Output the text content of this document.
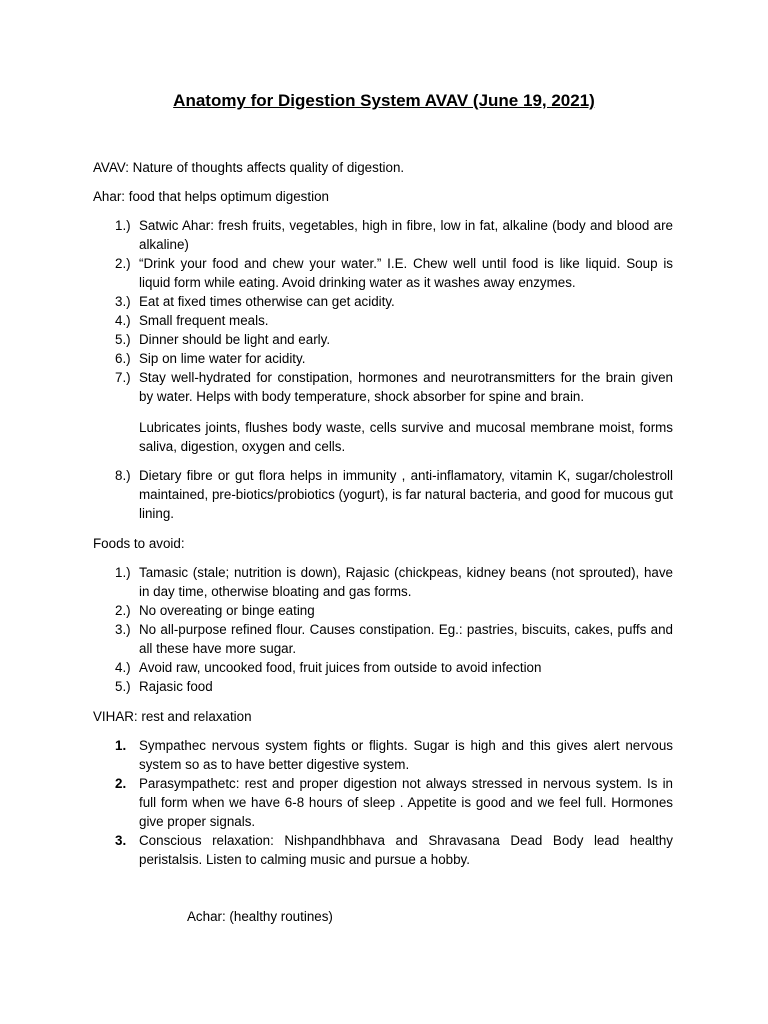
Anatomy for Digestion System AVAV (June 19, 2021)

AVAV: Nature of thoughts affects quality of digestion.

Ahar: food that helps optimum digestion

1.) Satwic Ahar: fresh fruits, vegetables, high in fibre, low in fat, alkaline (body and blood are alkaline)
2.) “Drink your food and chew your water.” I.E. Chew well until food is like liquid. Soup is liquid form while eating. Avoid drinking water as it washes away enzymes.
3.) Eat at fixed times otherwise can get acidity.
4.) Small frequent meals.
5.) Dinner should be light and early.
6.) Sip on lime water for acidity.
7.) Stay well-hydrated for constipation, hormones and neurotransmitters for the brain given by water. Helps with body temperature, shock absorber for spine and brain.

Lubricates joints, flushes body waste, cells survive and mucosal membrane moist, forms saliva, digestion, oxygen and cells.

8.) Dietary fibre or gut flora helps in immunity , anti-inflamatory, vitamin K, sugar/cholestroll maintained, pre-biotics/probiotics (yogurt), is far natural bacteria, and good for mucous gut lining.

Foods to avoid:

1.) Tamasic (stale; nutrition is down), Rajasic (chickpeas, kidney beans (not sprouted), have in day time, otherwise bloating and gas forms.
2.) No overeating or binge eating
3.) No all-purpose refined flour. Causes constipation. Eg.: pastries, biscuits, cakes, puffs and all these have more sugar.
4.) Avoid raw, uncooked food, fruit juices from outside to avoid infection
5.) Rajasic food

VIHAR: rest and relaxation

1. Sympathec nervous system fights or flights. Sugar is high and this gives alert nervous system so as to have better digestive system.
2. Parasympathetc: rest and proper digestion not always stressed in nervous system. Is in full form when we have 6-8 hours of sleep . Appetite is good and we feel full. Hormones give proper signals.
3. Conscious relaxation: Nishpandhbhava and Shravasana Dead Body lead healthy peristalsis. Listen to calming music and pursue a hobby.

Achar: (healthy routines)
